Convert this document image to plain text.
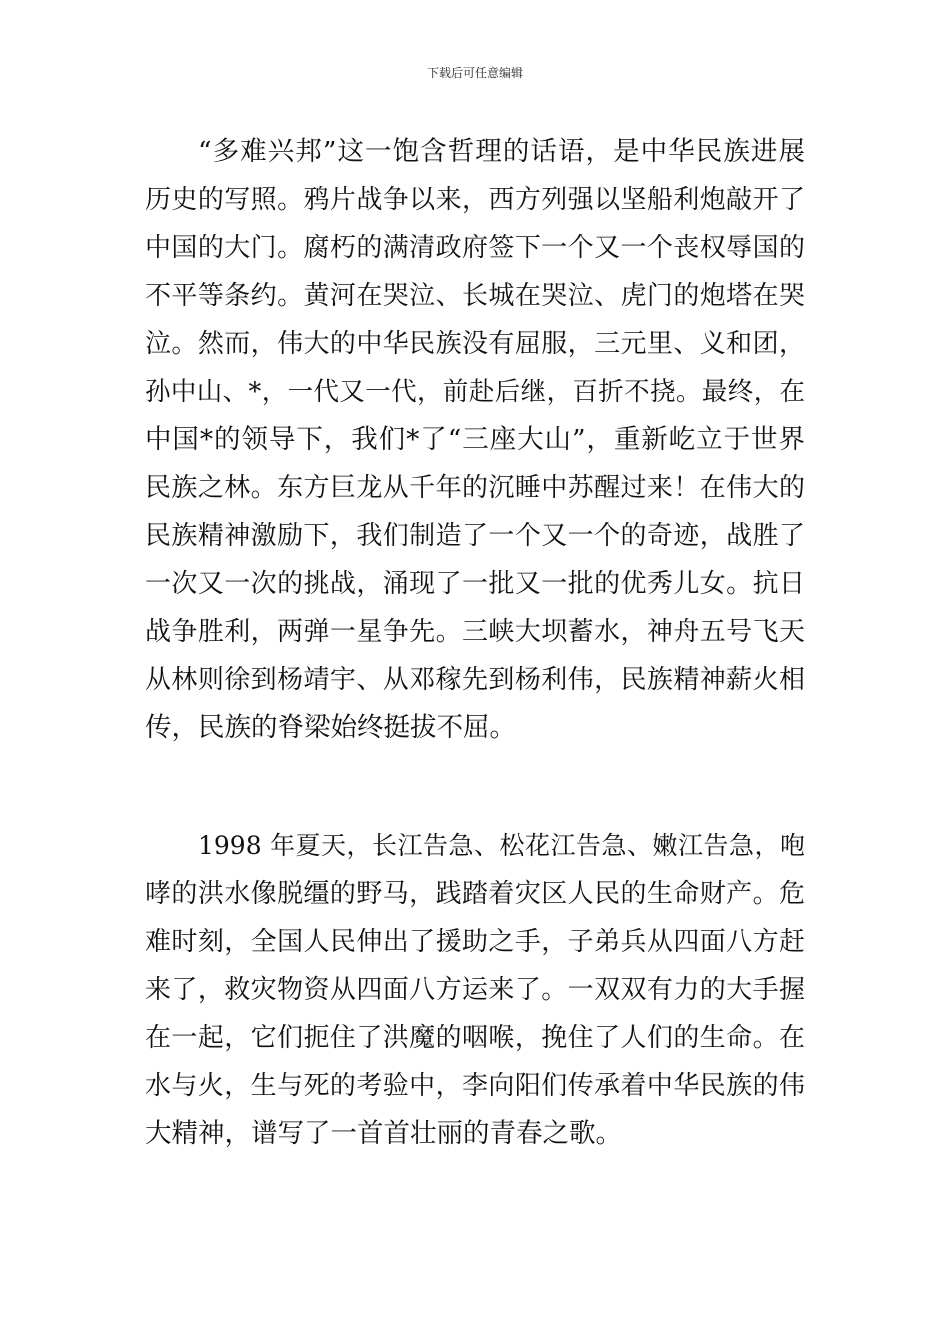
下载后可任意编辑

“多难兴邦”这一饱含哲理的话语，是中华民族进展

历史的写照。鸦片战争以来，西方列强以坚船利炮敲开了

中国的大门。腐朽的满清政府签下一个又一个丧权辱国的

不平等条约。黄河在哭泣、长城在哭泣、虎门的炮塔在哭

泣。然而，伟大的中华民族没有屈服，三元里、义和团，

孙中山、*，一代又一代，前赴后继，百折不挠。最终，在

中国*的领导下，我们*了“三座大山”，重新屹立于世界

民族之林。东方巨龙从千年的沉睡中苏醒过来！在伟大的

民族精神激励下，我们制造了一个又一个的奇迹，战胜了

一次又一次的挑战，涌现了一批又一批的优秀儿女。抗日

战争胜利，两弹一星争先。三峡大坝蓄水，神舟五号飞天

从林则徐到杨靖宇、从邓稼先到杨利伟，民族精神薪火相

传，民族的脊梁始终挺拔不屈。

1998 年夏天，长江告急、松花江告急、嫩江告急，咆

哮的洪水像脱缰的野马，践踏着灾区人民的生命财产。危

难时刻，全国人民伸出了援助之手，子弟兵从四面八方赶

来了，救灾物资从四面八方运来了。一双双有力的大手握

在一起，它们扼住了洪魔的咽喉，挽住了人们的生命。在

水与火，生与死的考验中，李向阳们传承着中华民族的伟

大精神，谱写了一首首壮丽的青春之歌。
